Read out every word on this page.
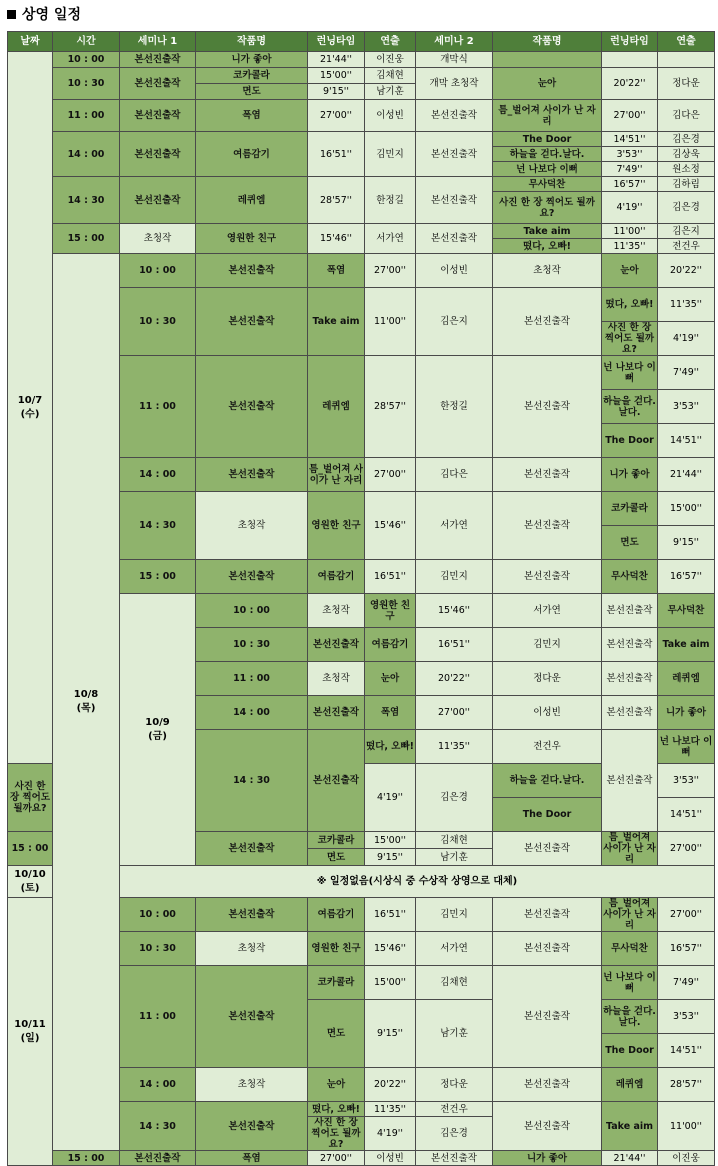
상영 일정
날짜	시간	세미나 1	작품명	런닝타임	연출	세미나 2	작품명	런닝타임	연출	
10/7
(수)	10 : 00	본선진출작	니가 좋아	21'44''	이진웅	개막식				
	10 : 30	본선진출작	코카콜라	15'00''	김채현	개막 초청작	눈아	20'22''	정다운	
			면도	9'15''	남기훈					
	11 : 00	본선진출작	폭염	27'00''	이성빈	본선진출작	틈_벌어져 사이가 난 자리	27'00''	김다은	
	14 : 00	본선진출작	여름감기	16'51''	김민지	본선진출작	The Door	14'51''	김은경	
							하늘을 걷다.날다.	3'53''	김상욱	
							넌 나보다 이뻐	7'49''	원소정	
	14 : 30	본선진출작	레퀴엠	28'57''	한정길	본선진출작	무사덕찬	16'57''	김하림	
							사진 한 장 찍어도 될까요?	4'19''	김은경	
	15 : 00	초청작	영원한 친구	15'46''	서가연	본선진출작	Take aim	11'00''	김은지	
							떴다, 오빠!	11'35''	전건우	
	10/8
(목)	10 : 00	본선진출작	폭염	27'00''	이성빈	초청작	눈아	20'22''	
		10 : 30	본선진출작	Take aim	11'00''	김은지	본선진출작	떴다, 오빠!	11'35''	
								사진 한 장 찍어도 될까요?	4'19''	
		11 : 00	본선진출작	레퀴엠	28'57''	한정길	본선진출작	넌 나보다 이뻐	7'49''	
								하늘을 걷다.날다.	3'53''	
								The Door	14'51''	
		14 : 00	본선진출작	틈_벌어져 사이가 난 자리	27'00''	김다은	본선진출작	니가 좋아	21'44''	
		14 : 30	초청작	영원한 친구	15'46''	서가연	본선진출작	코카콜라	15'00''	
								면도	9'15''	
		15 : 00	본선진출작	여름감기	16'51''	김민지	본선진출작	무사덕찬	16'57''	
		10/9
(금)	10 : 00	초청작	영원한 친구	15'46''	서가연	본선진출작	무사덕찬		
			10 : 30	본선진출작	여름감기	16'51''	김민지	본선진출작	Take aim		
			11 : 00	초청작	눈아	20'22''	정다운	본선진출작	레퀴엠		
			14 : 00	본선진출작	폭염	27'00''	이성빈	본선진출작	니가 좋아		
			14 : 30	본선진출작	떴다, 오빠!	11'35''	전건우	본선진출작	넌 나보다 이뻐		
사진 한 장 찍어도 될까요?					4'19''	김은경	하늘을 걷다.날다.		3'53''	
							The Door		14'51''	
15 : 00			본선진출작	코카콜라	15'00''	김채현	본선진출작	틈_벌어져 사이가 난 자리	27'00''	
				면도	9'15''	남기훈				
10/10
(토)		※ 일정없음(시상식 중 수상작 상영으로 대체)								
10/11
(일)		10 : 00	본선진출작	여름감기	16'51''	김민지	본선진출작	틈_벌어져 사이가 난 자리	27'00''	
		10 : 30	초청작	영원한 친구	15'46''	서가연	본선진출작	무사덕찬	16'57''	
		11 : 00	본선진출작	코카콜라	15'00''	김채현	본선진출작	넌 나보다 이뻐	7'49''	
				면도	9'15''	남기훈		하늘을 걷다.날다.	3'53''	
								The Door	14'51''	
		14 : 00	초청작	눈아	20'22''	정다운	본선진출작	레퀴엠	28'57''	
		14 : 30	본선진출작	떴다, 오빠!	11'35''	전건우	본선진출작	Take aim	11'00''	
				사진 한 장 찍어도 될까요?	4'19''	김은경				
	15 : 00	본선진출작	폭염	27'00''	이성빈	본선진출작	니가 좋아	21'44''	이진웅	
